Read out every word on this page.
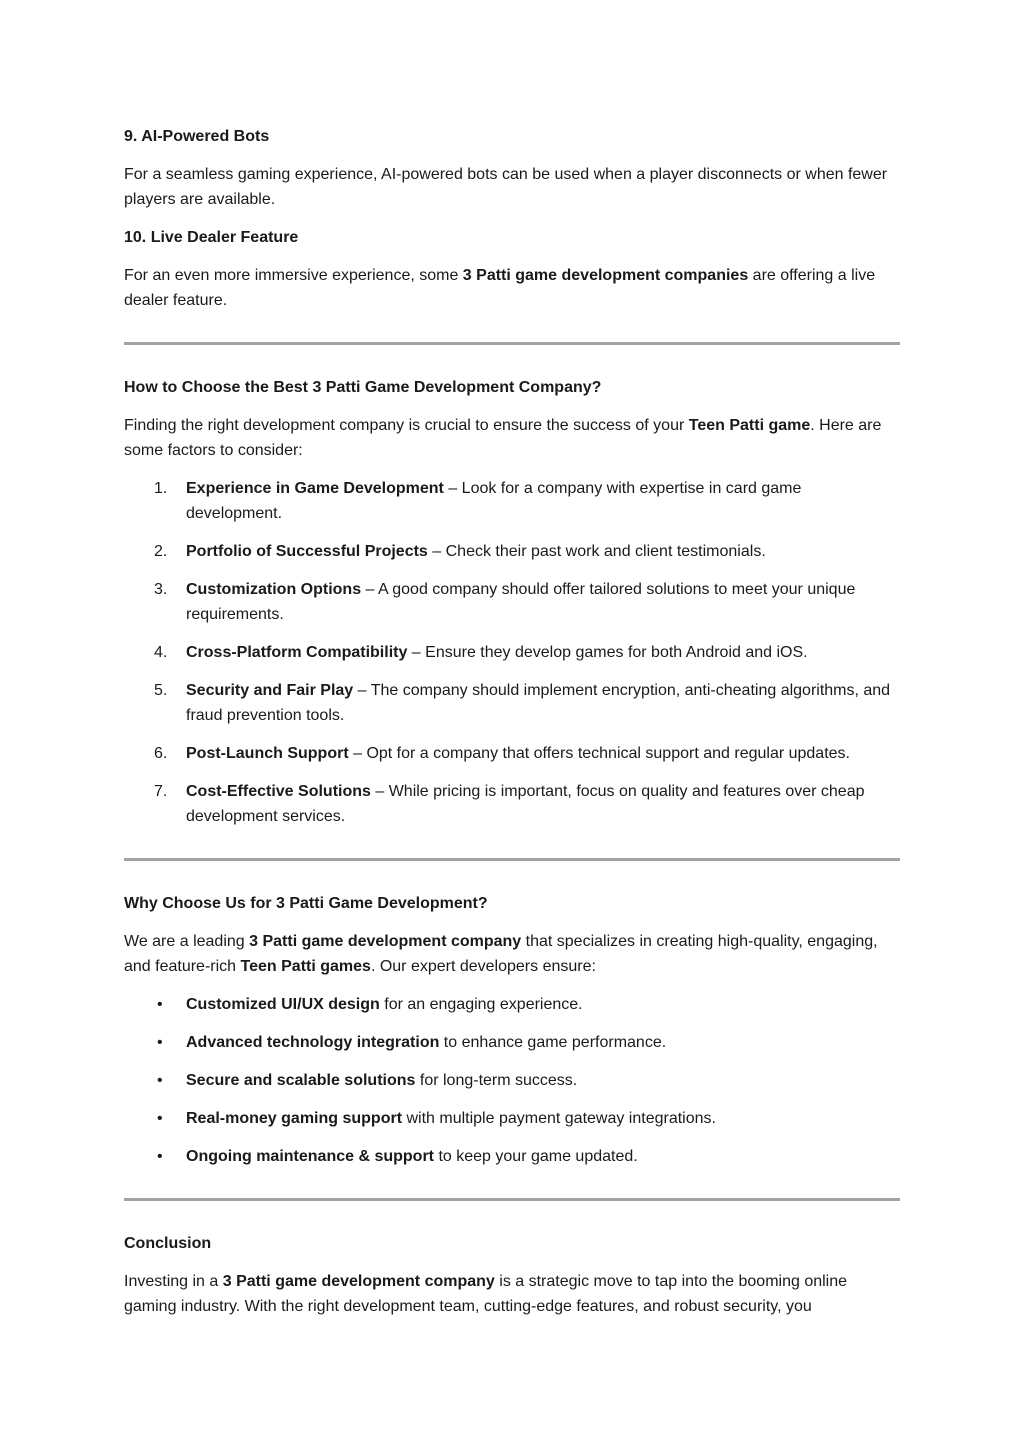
9. AI-Powered Bots

For a seamless gaming experience, AI-powered bots can be used when a player disconnects or when fewer players are available.

10. Live Dealer Feature

For an even more immersive experience, some 3 Patti game development companies are offering a live dealer feature.

How to Choose the Best 3 Patti Game Development Company?

Finding the right development company is crucial to ensure the success of your Teen Patti game. Here are some factors to consider:

1. Experience in Game Development – Look for a company with expertise in card game development.
2. Portfolio of Successful Projects – Check their past work and client testimonials.
3. Customization Options – A good company should offer tailored solutions to meet your unique requirements.
4. Cross-Platform Compatibility – Ensure they develop games for both Android and iOS.
5. Security and Fair Play – The company should implement encryption, anti-cheating algorithms, and fraud prevention tools.
6. Post-Launch Support – Opt for a company that offers technical support and regular updates.
7. Cost-Effective Solutions – While pricing is important, focus on quality and features over cheap development services.

Why Choose Us for 3 Patti Game Development?

We are a leading 3 Patti game development company that specializes in creating high-quality, engaging, and feature-rich Teen Patti games. Our expert developers ensure:

• Customized UI/UX design for an engaging experience.
• Advanced technology integration to enhance game performance.
• Secure and scalable solutions for long-term success.
• Real-money gaming support with multiple payment gateway integrations.
• Ongoing maintenance & support to keep your game updated.

Conclusion

Investing in a 3 Patti game development company is a strategic move to tap into the booming online gaming industry. With the right development team, cutting-edge features, and robust security, you
